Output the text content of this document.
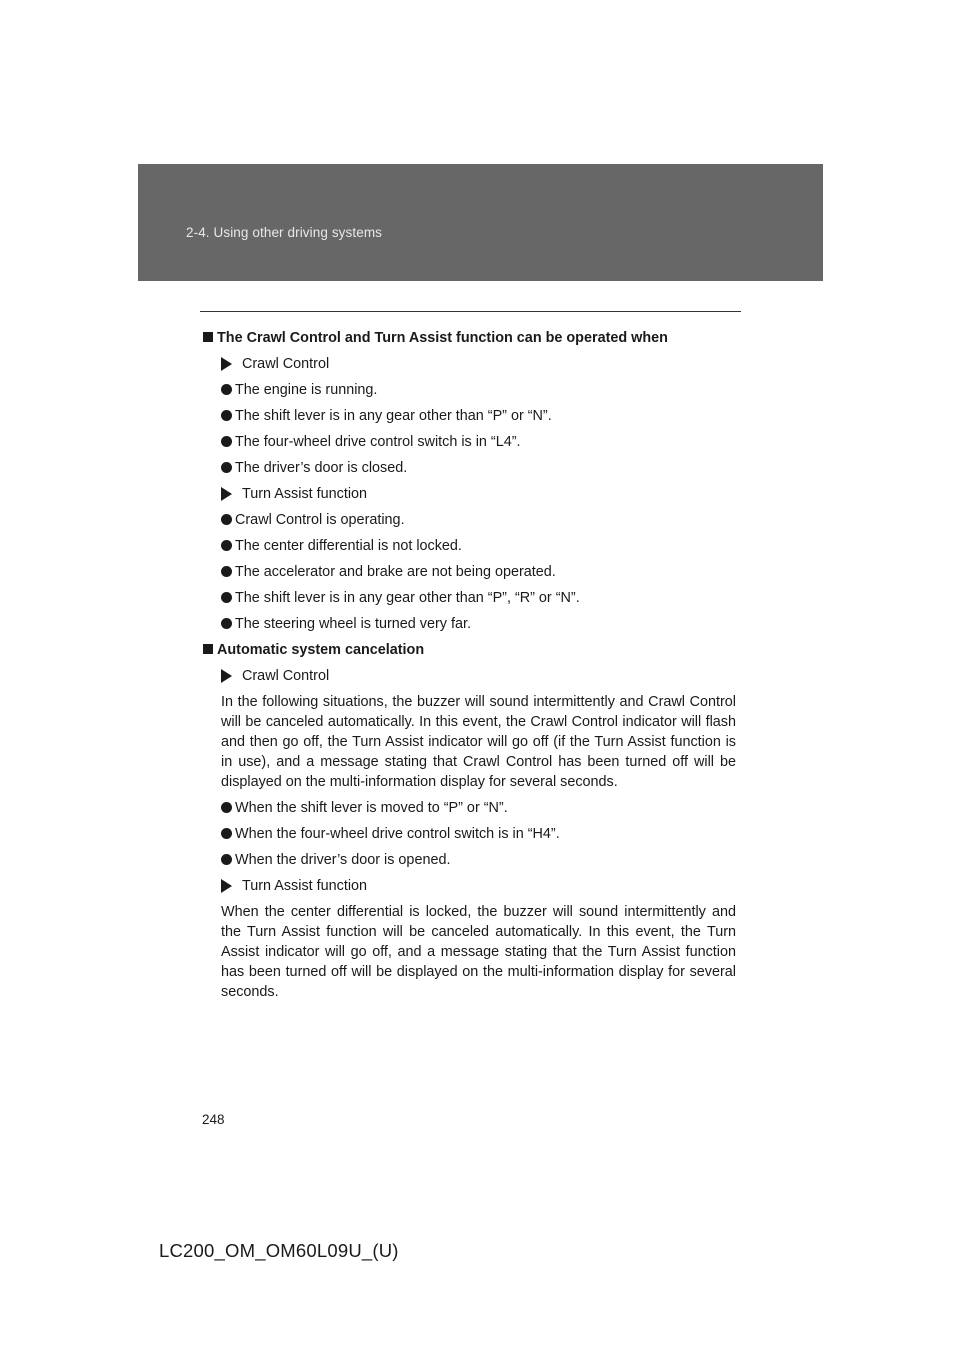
2-4. Using other driving systems
The Crawl Control and Turn Assist function can be operated when
Crawl Control
The engine is running.
The shift lever is in any gear other than “P” or “N”.
The four-wheel drive control switch is in “L4”.
The driver’s door is closed.
Turn Assist function
Crawl Control is operating.
The center differential is not locked.
The accelerator and brake are not being operated.
The shift lever is in any gear other than “P”, “R” or “N”.
The steering wheel is turned very far.
Automatic system cancelation
Crawl Control

In the following situations, the buzzer will sound intermittently and Crawl Control will be canceled automatically. In this event, the Crawl Control indicator will flash and then go off, the Turn Assist indicator will go off (if the Turn Assist function is in use), and a message stating that Crawl Control has been turned off will be displayed on the multi-information display for several seconds.

When the shift lever is moved to “P” or “N”.
When the four-wheel drive control switch is in “H4”.
When the driver’s door is opened.
Turn Assist function

When the center differential is locked, the buzzer will sound intermittently and the Turn Assist function will be canceled automatically. In this event, the Turn Assist indicator will go off, and a message stating that the Turn Assist function has been turned off will be displayed on the multi-information display for several seconds.

248
LC200_OM_OM60L09U_(U)
